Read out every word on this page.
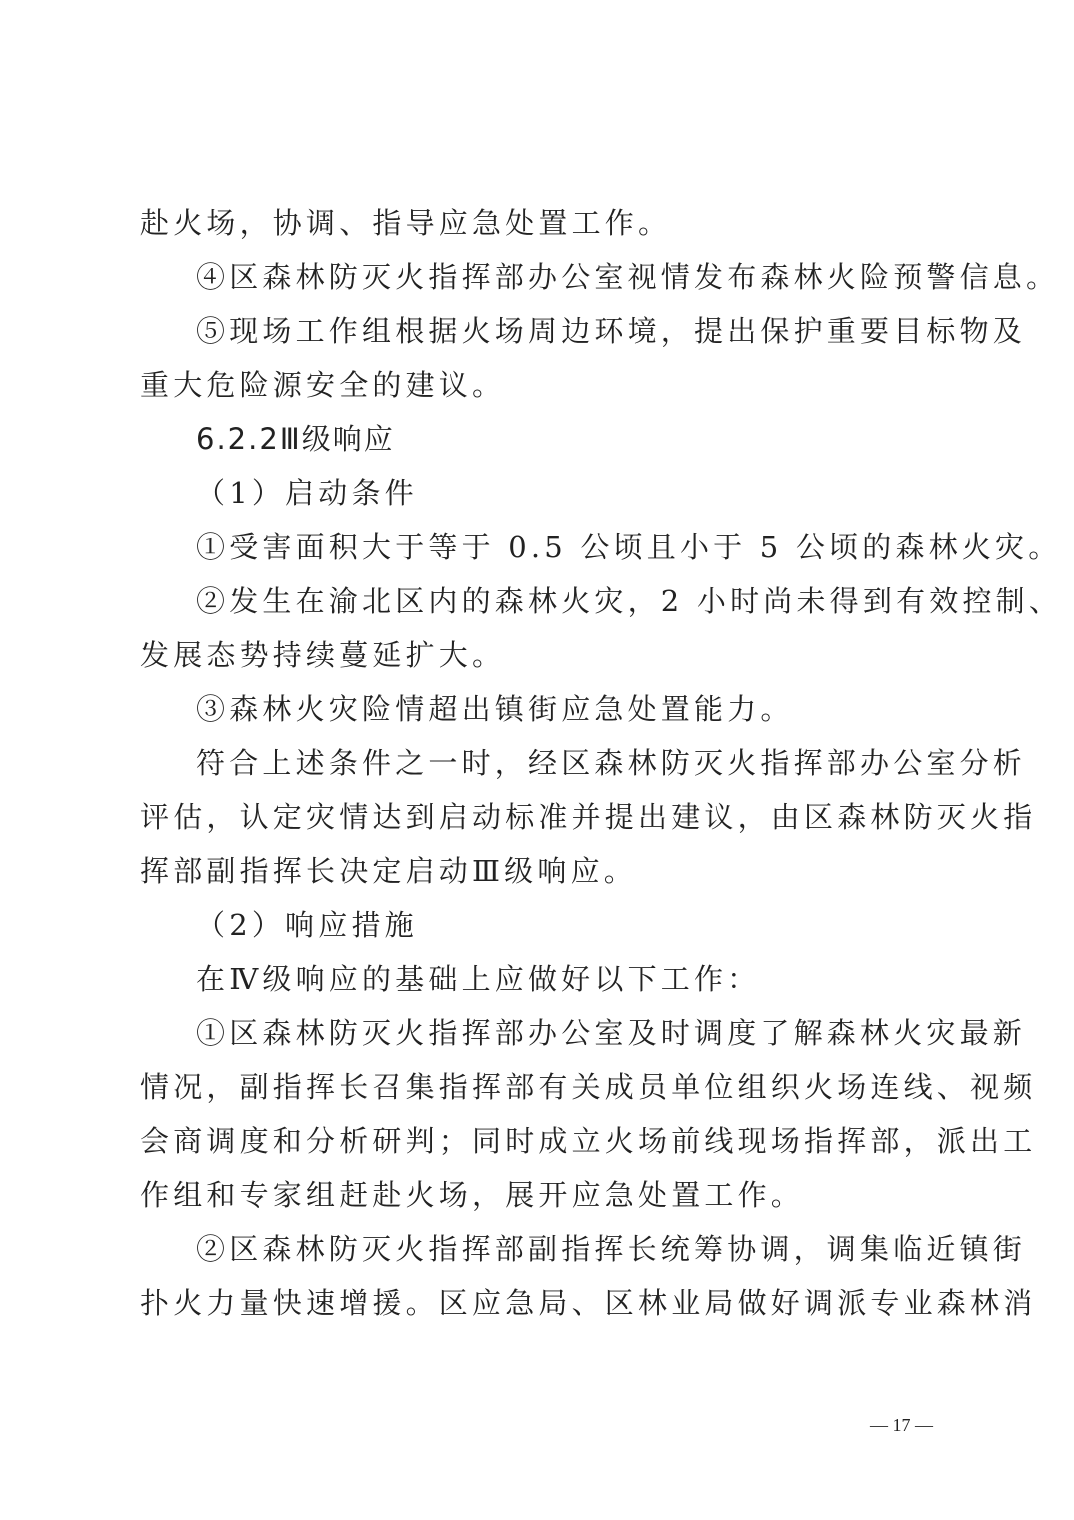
赴火场，协调、指导应急处置工作。
④区森林防灭火指挥部办公室视情发布森林火险预警信息。
⑤现场工作组根据火场周边环境，提出保护重要目标物及
重大危险源安全的建议。
6.2.2Ⅲ级响应
（1）启动条件
①受害面积大于等于 0.5 公顷且小于 5 公顷的森林火灾。
②发生在渝北区内的森林火灾，2 小时尚未得到有效控制、
发展态势持续蔓延扩大。
③森林火灾险情超出镇街应急处置能力。
符合上述条件之一时，经区森林防灭火指挥部办公室分析
评估，认定灾情达到启动标准并提出建议，由区森林防灭火指
挥部副指挥长决定启动Ⅲ级响应。
（2）响应措施
在Ⅳ级响应的基础上应做好以下工作：
①区森林防灭火指挥部办公室及时调度了解森林火灾最新
情况，副指挥长召集指挥部有关成员单位组织火场连线、视频
会商调度和分析研判；同时成立火场前线现场指挥部，派出工
作组和专家组赶赴火场，展开应急处置工作。
②区森林防灭火指挥部副指挥长统筹协调，调集临近镇街
扑火力量快速增援。区应急局、区林业局做好调派专业森林消
— 17 —
